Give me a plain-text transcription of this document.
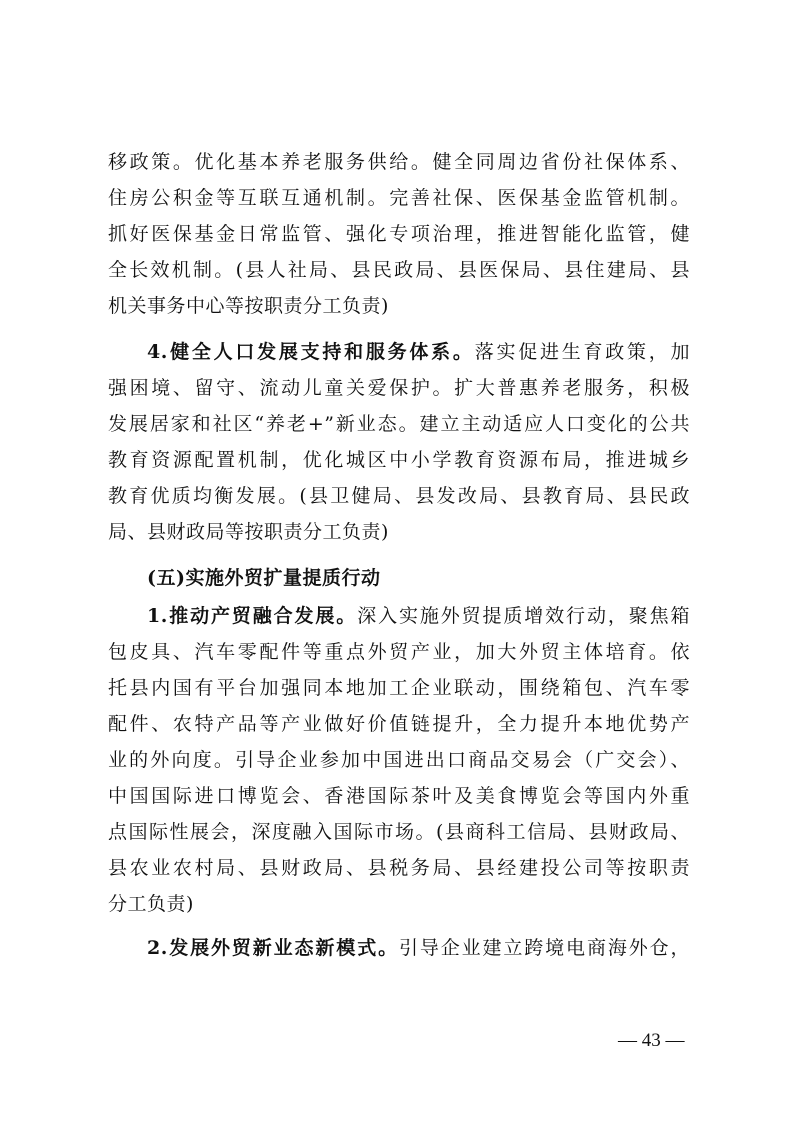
移政策。优化基本养老服务供给。健全同周边省份社保体系、
住房公积金等互联互通机制。完善社保、医保基金监管机制。
抓好医保基金日常监管、强化专项治理，推进智能化监管，健
全长效机制。(县人社局、县民政局、县医保局、县住建局、县
机关事务中心等按职责分工负责)
4.健全人口发展支持和服务体系。落实促进生育政策，加
强困境、留守、流动儿童关爱保护。扩大普惠养老服务，积极
发展居家和社区“养老+”新业态。建立主动适应人口变化的公共
教育资源配置机制，优化城区中小学教育资源布局，推进城乡
教育优质均衡发展。(县卫健局、县发改局、县教育局、县民政
局、县财政局等按职责分工负责)
(五)实施外贸扩量提质行动
1.推动产贸融合发展。深入实施外贸提质增效行动，聚焦箱
包皮具、汽车零配件等重点外贸产业，加大外贸主体培育。依
托县内国有平台加强同本地加工企业联动，围绕箱包、汽车零
配件、农特产品等产业做好价值链提升，全力提升本地优势产
业的外向度。引导企业参加中国进出口商品交易会（广交会）、
中国国际进口博览会、香港国际茶叶及美食博览会等国内外重
点国际性展会，深度融入国际市场。(县商科工信局、县财政局、
县农业农村局、县财政局、县税务局、县经建投公司等按职责
分工负责)
2.发展外贸新业态新模式。引导企业建立跨境电商海外仓，
— 43 —
